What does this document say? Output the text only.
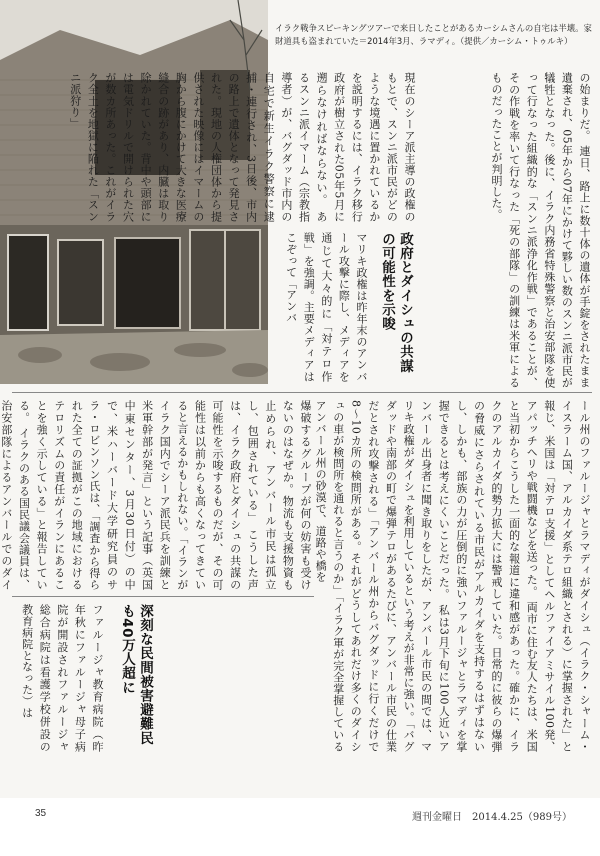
イラク戦争スピーキングツアーで来日したことがあるカーシムさんの自宅は半壊。家財道具も盗まれていた＝2014年3月、ラマディ。（提供／カーシム・トゥルキ）
の始まりだ。 連日、路上に数十体の遺体が手錠をされたまま遺棄され、05年から07年にかけて夥しい数のスンニ派市民が犠牲となった。後に、イラク内務省特殊警察と治安部隊を使って行なった組織的な「スンニ派浄化作戦」であることが、その作戦を率いて行なった「死の部隊」の訓練は米軍によるものだったことが判明した。
現在のシーア派主導の政権のもとで、スンニ派市民がどのような境遇に置かれているかを説明するには、イラク移行政府が樹立された05年5月に遡らなければならない。 あるスンニ派イマーム（宗教指導者）が、バグダッド市内の自宅で新生イラク警察に逮捕・連行され、3日後、市内の路上で遺体となって発見された。現地の人権団体から提供された映像にはイマームの胸から腹にかけて大きな医療縫合の跡があり、内臓は取り除かれていた。背中や頭部には電気ドリルで開けられた穴が数カ所あった。これがイラク全土を地獄に陥れた「スンニ派狩り」
政府とダイシュの共謀の可能性を示唆
マリキ政権は昨年末のアンバール攻撃に際し、メディアを通じて大々的に「対テロ作戦」を強調。主要メディアはこぞって「アンバ
ール州のファルージャとラマディがダイシュ（イラク・シャーム・イスラーム国、アルカイダ系テロ組織とされる）に掌握された」と報じ、米国は「対テロ支援」としてヘルファイアミサイル100発、アパッチヘリや戦闘機などを送った。 両市に住む友人たちは、米国と当初からこうした一面的な報道に違和感があった。確かに、イラクのアルカイダ的勢力拡大には警戒していた。日常的に彼らの爆弾の脅威にさらされている市民がアルカイダを支持するはずはないし、しかも、部族の力が圧倒的に強いファルージャとラマディを掌握できるとは考えにくいことだった。 私は3月下旬に100人近いアンバール出身者に聞き取りをしたが、アンバール市民の間では、マリキ政権がダイシュを利用しているという考えが非常に強い。「バグダッドや南部の町で爆弾テロがあるたびに、アンバール市民の仕業だとされ攻撃される」「アンバール州からバグダッドに行くだけで8〜10カ所の検問所がある。それがどうしてあれだけ多くのダイシュの車が検問所を通れると言うのか」「イラク軍が完全掌握しているアンバール州の砂漠で、道路や橋を
爆破するグループが何の妨害も受けないのはなぜか。物流も支援物資も止められ、アンバール市民は孤立し、包囲されている」 こうした声は、イラク政府とダイシュの共謀の可能性を示唆するものだが、その可能性は以前からも高くなってきていると言えるかもしれない。「イランがイラク国内でシーア派民兵を訓練と米軍幹部が発言」という記事（英国中東センター、3月30日付）の中で、米ハーバード大学研究員のサラ・ロビンソン氏は、「調査から得られた全ての証拠がこの地域におけるテロリズムの責任がイランにあることを強く示している」と報告している。 イラクのある国民議会議員は、治安部隊によるアンバールでのダイ
深刻な民間被害避難民も40万人超に
ファルージャ教育病院（昨年秋にファルージャ母子病院が開設されファルージャ総合病院は看護学校併設の教育病院となった）は
35	週刊金曜日　2014.4.25（989号）
